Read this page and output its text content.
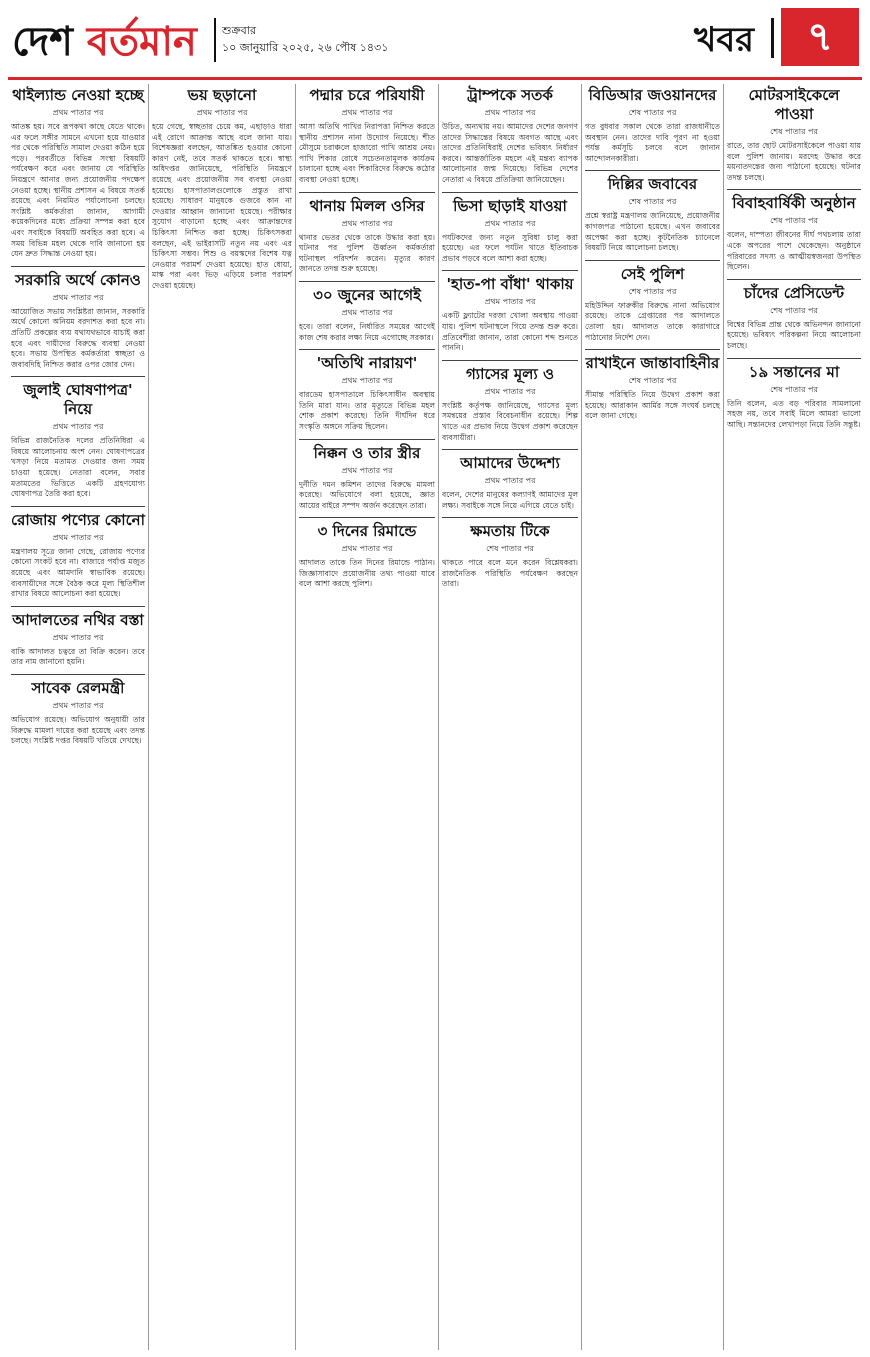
দেশ বর্তমান শুক্রবার
১০ জানুয়ারি ২০২৫, ২৬ পৌষ ১৪৩১	খবর	৭
থাইল্যান্ড নেওয়া হচ্ছে
প্রথম পাতার পর

আতঙ্ক হয়। সবে রূপকথা কাছে যেতে থাকে। এর ফলে সঙ্গীর সামনে এখনো হয়ে যাওয়ার পর থেকে পরিস্থিতি সামাল দেওয়া কঠিন হয়ে পড়ে। পরবর্তীতে বিভিন্ন সংস্থা বিষয়টি পর্যবেক্ষণ করে এবং জানায় যে পরিস্থিতি নিয়ন্ত্রণে আনার জন্য প্রয়োজনীয় পদক্ষেপ নেওয়া হচ্ছে। স্থানীয় প্রশাসন এ বিষয়ে সতর্ক রয়েছে এবং নিয়মিত পর্যালোচনা চলছে। সংশ্লিষ্ট কর্মকর্তারা জানান, আগামী কয়েকদিনের মধ্যে প্রক্রিয়া সম্পন্ন করা হবে এবং সবাইকে বিষয়টি অবহিত করা হবে। এ সময় বিভিন্ন মহল থেকে দাবি জানানো হয় যেন দ্রুত সিদ্ধান্ত নেওয়া হয়।

সরকারি অর্থে কোনও
প্রথম পাতার পর

আয়োজিত সভায় সংশ্লিষ্টরা জানান, সরকারি অর্থে কোনো অনিয়ম বরদাশত করা হবে না। প্রতিটি প্রকল্পের ব্যয় যথাযথভাবে যাচাই করা হবে এবং দায়ীদের বিরুদ্ধে ব্যবস্থা নেওয়া হবে। সভায় উপস্থিত কর্মকর্তারা স্বচ্ছতা ও জবাবদিহি নিশ্চিত করার ওপর জোর দেন।

জুলাই ঘোষণাপত্র' নিয়ে
প্রথম পাতার পর

বিভিন্ন রাজনৈতিক দলের প্রতিনিধিরা এ বিষয়ে আলোচনায় অংশ নেন। ঘোষণাপত্রের খসড়া নিয়ে মতামত দেওয়ার জন্য সময় চাওয়া হয়েছে। নেতারা বলেন, সবার মতামতের ভিত্তিতে একটি গ্রহণযোগ্য ঘোষণাপত্র তৈরি করা হবে।

রোজায় পণ্যের কোনো
প্রথম পাতার পর

মন্ত্রণালয় সূত্রে জানা গেছে, রোজায় পণ্যের কোনো সংকট হবে না। বাজারে পর্যাপ্ত মজুত রয়েছে এবং আমদানি স্বাভাবিক রয়েছে। ব্যবসায়ীদের সঙ্গে বৈঠক করে মূল্য স্থিতিশীল রাখার বিষয়ে আলোচনা করা হয়েছে।

আদালতের নথির বস্তা
প্রথম পাতার পর

বাকি আদালত চত্বরে তা বিক্রি করেন। তবে তার নাম জানানো হয়নি।

সাবেক রেলমন্ত্রী
প্রথম পাতার পর

অভিযোগ রয়েছে। অভিযোগ অনুযায়ী তার বিরুদ্ধে মামলা দায়ের করা হয়েছে এবং তদন্ত চলছে। সংশ্লিষ্ট দপ্তর বিষয়টি খতিয়ে দেখছে।

ভয় ছড়ানো
প্রথম পাতার পর

হয়ে গেছে, স্বচ্ছতার চেয়ে কম, এছাড়াও ধারা এই রোগে আক্রান্ত আছে বলে জানা যায়। বিশেষজ্ঞরা বলছেন, আতঙ্কিত হওয়ার কোনো কারণ নেই, তবে সতর্ক থাকতে হবে। স্বাস্থ্য অধিদপ্তর জানিয়েছে, পরিস্থিতি নিয়ন্ত্রণে রয়েছে এবং প্রয়োজনীয় সব ব্যবস্থা নেওয়া হয়েছে। হাসপাতালগুলোকে প্রস্তুত রাখা হয়েছে। সাধারণ মানুষকে গুজবে কান না দেওয়ার আহ্বান জানানো হয়েছে। পরীক্ষার সুযোগ বাড়ানো হচ্ছে এবং আক্রান্তদের চিকিৎসা নিশ্চিত করা হচ্ছে। চিকিৎসকরা বলছেন, এই ভাইরাসটি নতুন নয় এবং এর চিকিৎসা সম্ভব। শিশু ও বয়স্কদের বিশেষ যত্ন নেওয়ার পরামর্শ দেওয়া হয়েছে। হাত ধোয়া, মাস্ক পরা এবং ভিড় এড়িয়ে চলার পরামর্শ দেওয়া হয়েছে।

পদ্মার চরে পরিযায়ী
প্রথম পাতার পর

আসা অতিথি পাখির নিরাপত্তা নিশ্চিত করতে স্থানীয় প্রশাসন নানা উদ্যোগ নিয়েছে। শীত মৌসুমে চরাঞ্চলে হাজারো পাখি আশ্রয় নেয়। পাখি শিকার রোধে সচেতনতামূলক কার্যক্রম চালানো হচ্ছে এবং শিকারিদের বিরুদ্ধে কঠোর ব্যবস্থা নেওয়া হচ্ছে।

থানায় মিলল ওসির
প্রথম পাতার পর

থানার ভেতর থেকে তাকে উদ্ধার করা হয়। ঘটনার পর পুলিশ ঊর্ধ্বতন কর্মকর্তারা ঘটনাস্থল পরিদর্শন করেন। মৃত্যুর কারণ জানতে তদন্ত শুরু হয়েছে।

৩০ জুনের আগেই
প্রথম পাতার পর

হবে। তারা বলেন, নির্ধারিত সময়ের আগেই কাজ শেষ করার লক্ষ্য নিয়ে এগোচ্ছে সরকার।

'অতিথি নারায়ণ'
প্রথম পাতার পর

বারডেম হাসপাতালে চিকিৎসাধীন অবস্থায় তিনি মারা যান। তার মৃত্যুতে বিভিন্ন মহল শোক প্রকাশ করেছে। তিনি দীর্ঘদিন ধরে সংস্কৃতি অঙ্গনে সক্রিয় ছিলেন।

নিক্কন ও তার স্ত্রীর
প্রথম পাতার পর

দুর্নীতি দমন কমিশন তাদের বিরুদ্ধে মামলা করেছে। অভিযোগে বলা হয়েছে, জ্ঞাত আয়ের বাইরে সম্পদ অর্জন করেছেন তারা।

৩ দিনের রিমান্ডে
প্রথম পাতার পর

আদালত তাকে তিন দিনের রিমান্ডে পাঠান। জিজ্ঞাসাবাদে প্রয়োজনীয় তথ্য পাওয়া যাবে বলে আশা করছে পুলিশ।

ট্রাম্পকে সতর্ক
প্রথম পাতার পর

উচিত, অন্যথায় নয়। আমাদের দেশের জনগণ তাদের সিদ্ধান্তের বিষয়ে অবগত আছে এবং তাদের প্রতিনিধিরাই দেশের ভবিষ্যৎ নির্ধারণ করবে। আন্তর্জাতিক মহলে এই মন্তব্য ব্যাপক আলোচনার জন্ম দিয়েছে। বিভিন্ন দেশের নেতারা এ বিষয়ে প্রতিক্রিয়া জানিয়েছেন।

ভিসা ছাড়াই যাওয়া
প্রথম পাতার পর

পর্যটকদের জন্য নতুন সুবিধা চালু করা হয়েছে। এর ফলে পর্যটন খাতে ইতিবাচক প্রভাব পড়বে বলে আশা করা হচ্ছে।

'হাত-পা বাঁধা' থাকায়
প্রথম পাতার পর

একটি ফ্ল্যাটের দরজা খোলা অবস্থায় পাওয়া যায়। পুলিশ ঘটনাস্থলে গিয়ে তদন্ত শুরু করে। প্রতিবেশীরা জানান, তারা কোনো শব্দ শুনতে পাননি।

গ্যাসের মূল্য ও
প্রথম পাতার পর

সংশ্লিষ্ট কর্তৃপক্ষ জানিয়েছে, গ্যাসের মূল্য সমন্বয়ের প্রস্তাব বিবেচনাধীন রয়েছে। শিল্প খাতে এর প্রভাব নিয়ে উদ্বেগ প্রকাশ করেছেন ব্যবসায়ীরা।

আমাদের উদ্দেশ্য
প্রথম পাতার পর

বলেন, দেশের মানুষের কল্যাণই আমাদের মূল লক্ষ্য। সবাইকে সঙ্গে নিয়ে এগিয়ে যেতে চাই।

ক্ষমতায় টিকে
শেষ পাতার পর

থাকতে পারে বলে মনে করেন বিশ্লেষকরা। রাজনৈতিক পরিস্থিতি পর্যবেক্ষণ করছেন তারা।

বিডিআর জওয়ানদের
শেষ পাতার পর

গত বুধবার সকাল থেকে তারা রাজধানীতে অবস্থান নেন। তাদের দাবি পূরণ না হওয়া পর্যন্ত কর্মসূচি চলবে বলে জানান আন্দোলনকারীরা।

দিল্লির জবাবের
শেষ পাতার পর

প্রশ্নে স্বরাষ্ট্র মন্ত্রণালয় জানিয়েছে, প্রয়োজনীয় কাগজপত্র পাঠানো হয়েছে। এখন জবাবের অপেক্ষা করা হচ্ছে। কূটনৈতিক চ্যানেলে বিষয়টি নিয়ে আলোচনা চলছে।

সেই পুলিশ
শেষ পাতার পর

মহিউদ্দিন ফারুকীর বিরুদ্ধে নানা অভিযোগ রয়েছে। তাকে গ্রেপ্তারের পর আদালতে তোলা হয়। আদালত তাকে কারাগারে পাঠানোর নির্দেশ দেন।

রাখাইনে জান্তাবাহিনীর
শেষ পাতার পর

সীমান্ত পরিস্থিতি নিয়ে উদ্বেগ প্রকাশ করা হয়েছে। আরাকান আর্মির সঙ্গে সংঘর্ষ চলছে বলে জানা গেছে।

মোটরসাইকেলে পাওয়া
শেষ পাতার পর

রাতে, তার ছোট মোটরসাইকেলে পাওয়া যায় বলে পুলিশ জানায়। মরদেহ উদ্ধার করে ময়নাতদন্তের জন্য পাঠানো হয়েছে। ঘটনার তদন্ত চলছে।

বিবাহবার্ষিকী অনুষ্ঠান
শেষ পাতার পর

বলেন, দাম্পত্য জীবনের দীর্ঘ পথচলায় তারা একে অপরের পাশে থেকেছেন। অনুষ্ঠানে পরিবারের সদস্য ও আত্মীয়স্বজনরা উপস্থিত ছিলেন।

চাঁদের প্রেসিডেন্ট
শেষ পাতার পর

বিশ্বের বিভিন্ন প্রান্ত থেকে অভিনন্দন জানানো হয়েছে। ভবিষ্যৎ পরিকল্পনা নিয়ে আলোচনা চলছে।

১৯ সন্তানের মা
শেষ পাতার পর

তিনি বলেন, এত বড় পরিবার সামলানো সহজ নয়, তবে সবাই মিলে আমরা ভালো আছি। সন্তানদের লেখাপড়া নিয়ে তিনি সন্তুষ্ট।
